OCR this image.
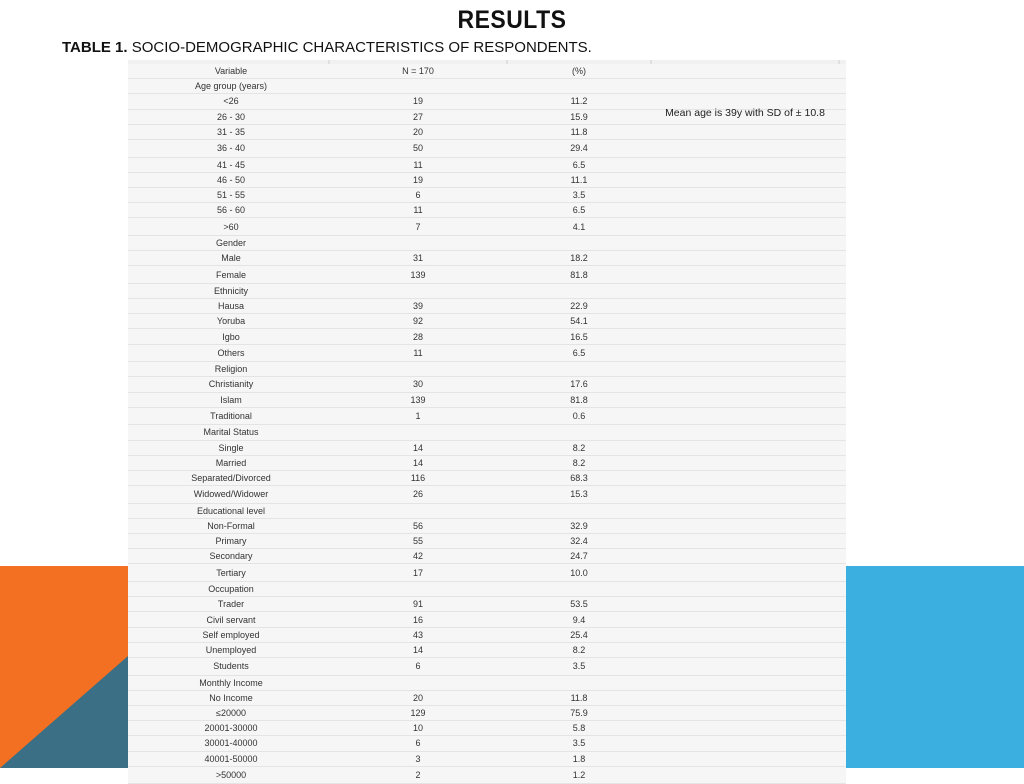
RESULTS
TABLE 1. SOCIO-DEMOGRAPHIC CHARACTERISTICS OF RESPONDENTS.
Variable	N = 170	(%)
Age group (years)
<26	19	11.2
26 - 30	27	15.9
31 - 35	20	11.8
36 - 40	50	29.4
41 - 45	11	6.5
46 - 50	19	11.1
51 - 55	6	3.5
56 - 60	11	6.5
>60	7	4.1
Gender
Male	31	18.2
Female	139	81.8
Ethnicity
Hausa	39	22.9
Yoruba	92	54.1
Igbo	28	16.5
Others	11	6.5
Religion
Christianity	30	17.6
Islam	139	81.8
Traditional	1	0.6
Marital Status
Single	14	8.2
Married	14	8.2
Separated/Divorced	116	68.3
Widowed/Widower	26	15.3
Educational level
Non-Formal	56	32.9
Primary	55	32.4
Secondary	42	24.7
Tertiary	17	10.0
Occupation
Trader	91	53.5
Civil servant	16	9.4
Self employed	43	25.4
Unemployed	14	8.2
Students	6	3.5
Monthly Income
No Income	20	11.8
≤20000	129	75.9
20001-30000	10	5.8
30001-40000	6	3.5
40001-50000	3	1.8
>50000	2	1.2
Mean age is 39y with SD of ± 10.8
